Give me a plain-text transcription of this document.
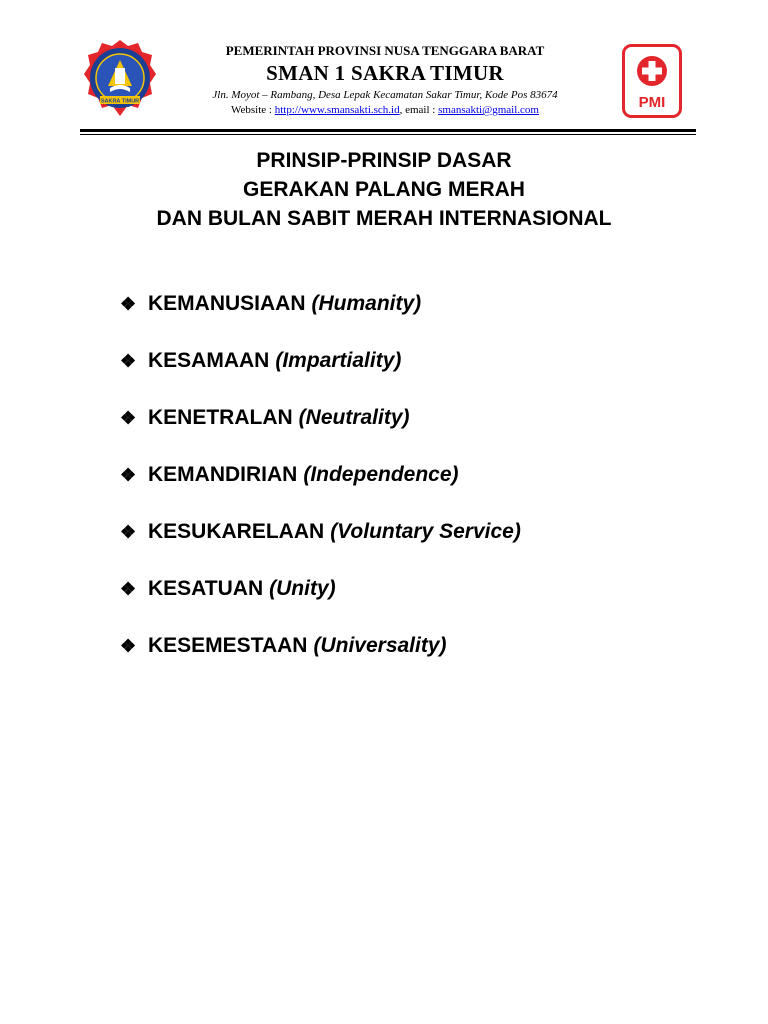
SAKRA TIMUR
PEMERINTAH PROVINSI NUSA TENGGARA BARAT
SMAN 1 SAKRA TIMUR
Jln. Moyot – Rambang, Desa Lepak Kecamatan Sakar Timur, Kode Pos 83674
Website : http://www.smansakti.sch.id, email : smansakti@gmail.com	PMI
PRINSIP-PRINSIP DASAR
GERAKAN PALANG MERAH
DAN BULAN SABIT MERAH INTERNASIONAL
❖ KEMANUSIAAN (Humanity)
❖ KESAMAAN (Impartiality)
❖ KENETRALAN (Neutrality)
❖ KEMANDIRIAN (Independence)
❖ KESUKARELAAN (Voluntary Service)
❖ KESATUAN (Unity)
❖ KESEMESTAAN (Universality)
